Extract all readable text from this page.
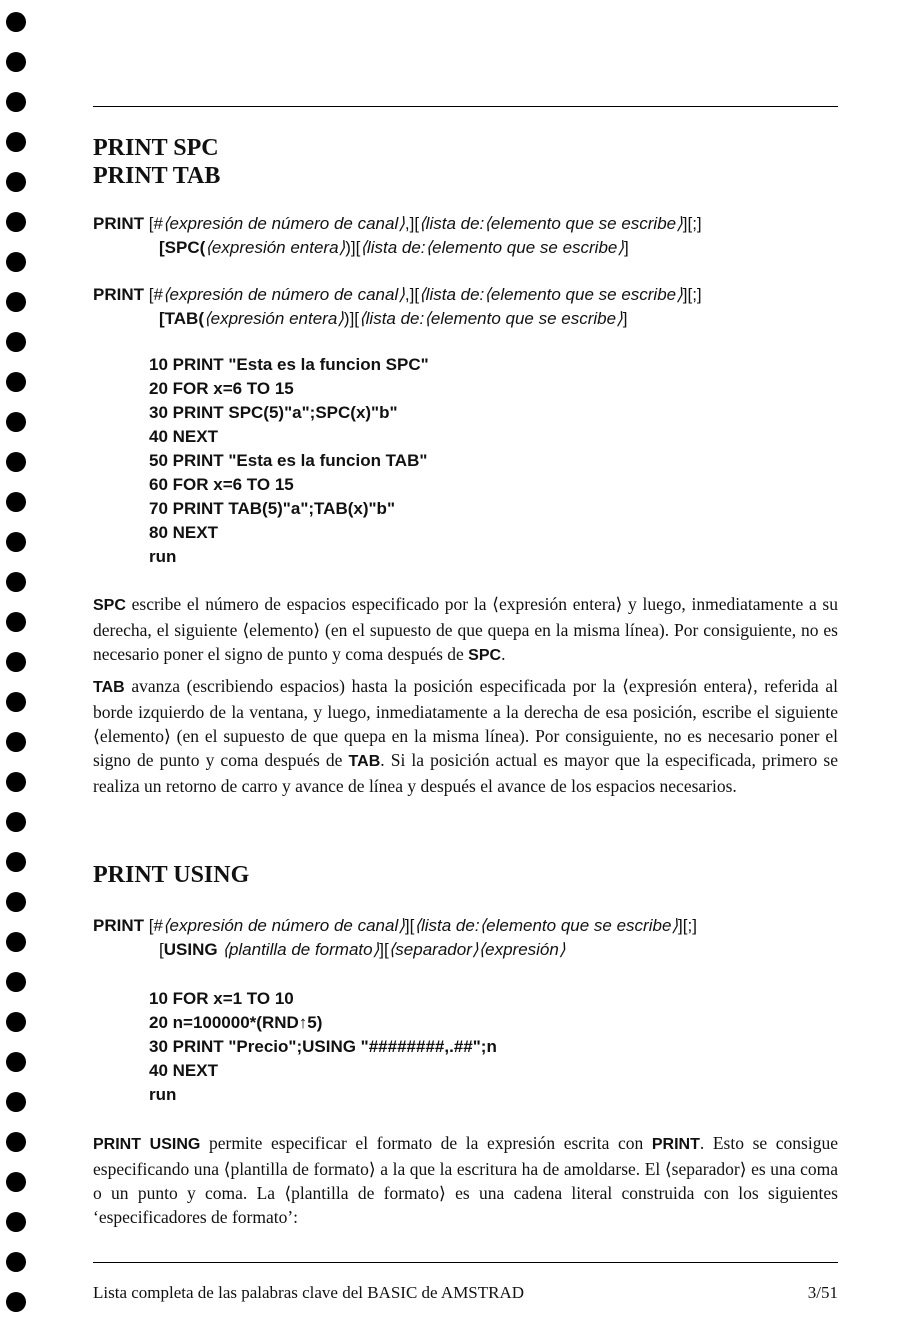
PRINT SPC
PRINT TAB
PRINT [#⟨expresión de número de canal⟩,][⟨lista de:⟨elemento que se escribe⟩][;]
[SPC(⟨expresión entera⟩)][⟨lista de:⟨elemento que se escribe⟩]
PRINT [#⟨expresión de número de canal⟩,][⟨lista de:⟨elemento que se escribe⟩][;]
[TAB(⟨expresión entera⟩)][⟨lista de:⟨elemento que se escribe⟩]
10 PRINT "Esta es la funcion SPC"
20 FOR x=6 TO 15
30 PRINT SPC(5)"a";SPC(x)"b"
40 NEXT
50 PRINT "Esta es la funcion TAB"
60 FOR x=6 TO 15
70 PRINT TAB(5)"a";TAB(x)"b"
80 NEXT
run

SPC escribe el número de espacios especificado por la ⟨expresión entera⟩ y luego, inmediatamente a su derecha, el siguiente ⟨elemento⟩ (en el supuesto de que quepa en la misma línea). Por consiguiente, no es necesario poner el signo de punto y coma después de SPC.

TAB avanza (escribiendo espacios) hasta la posición especificada por la ⟨expresión entera⟩, referida al borde izquierdo de la ventana, y luego, inmediatamente a la derecha de esa posición, escribe el siguiente ⟨elemento⟩ (en el supuesto de que quepa en la misma línea). Por consiguiente, no es necesario poner el signo de punto y coma después de TAB. Si la posición actual es mayor que la especificada, primero se realiza un retorno de carro y avance de línea y después el avance de los espacios necesarios.

PRINT USING
PRINT [#⟨expresión de número de canal⟩][⟨lista de:⟨elemento que se escribe⟩][;]
[USING ⟨plantilla de formato⟩][⟨separador⟩⟨expresión⟩
10 FOR x=1 TO 10
20 n=100000*(RND↑5)
30 PRINT "Precio";USING "########,.##";n
40 NEXT
run

PRINT USING permite especificar el formato de la expresión escrita con PRINT. Esto se consigue especificando una ⟨plantilla de formato⟩ a la que la escritura ha de amoldarse. El ⟨separador⟩ es una coma o un punto y coma. La ⟨plantilla de formato⟩ es una cadena literal construida con los siguientes ‘especificadores de formato’:

Lista completa de las palabras clave del BASIC de AMSTRAD	3/51
